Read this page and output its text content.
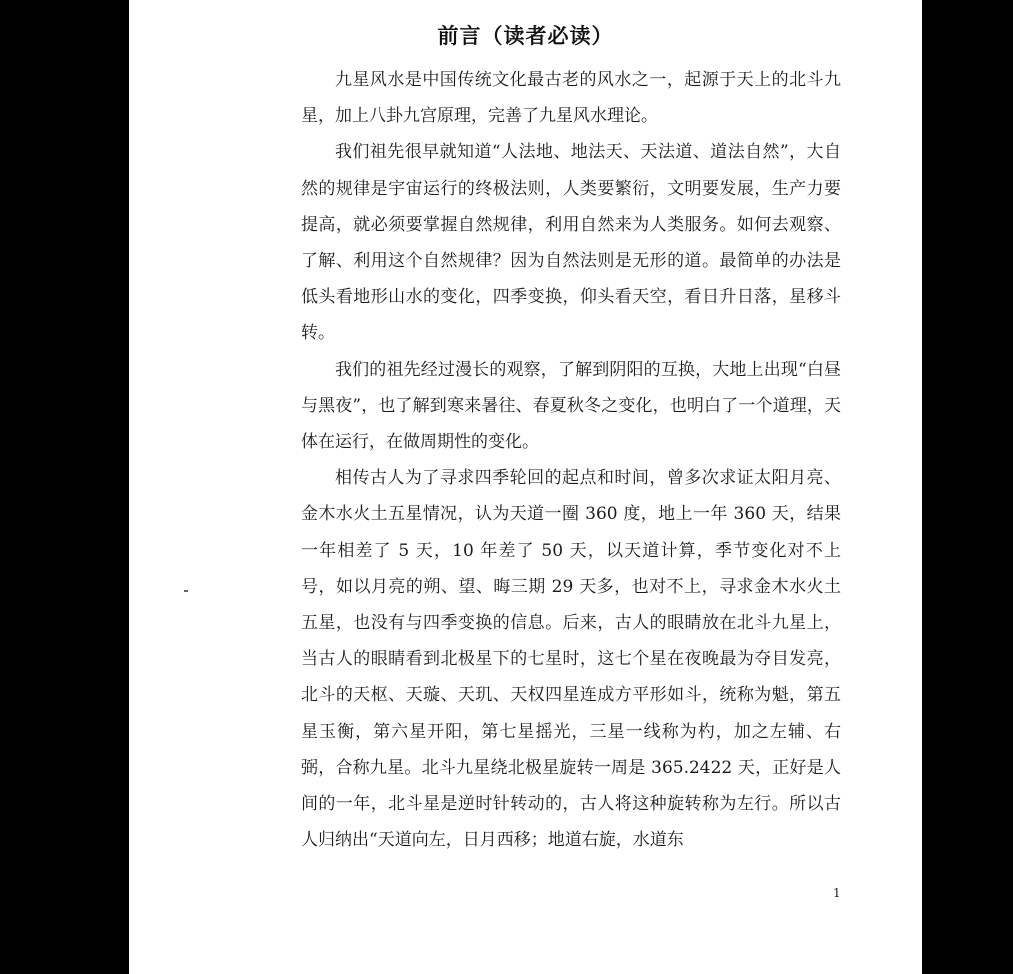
前言（读者必读）

九星风水是中国传统文化最古老的风水之一，起源于天上的北斗九星，加上八卦九宫原理，完善了九星风水理论。

我们祖先很早就知道“人法地、地法天、天法道、道法自然”，大自然的规律是宇宙运行的终极法则，人类要繁衍，文明要发展，生产力要提高，就必须要掌握自然规律，利用自然来为人类服务。如何去观察、了解、利用这个自然规律？因为自然法则是无形的道。最简单的办法是低头看地形山水的变化，四季变换，仰头看天空，看日升日落，星移斗转。

我们的祖先经过漫长的观察，了解到阴阳的互换，大地上出现“白昼与黑夜”，也了解到寒来暑往、春夏秋冬之变化，也明白了一个道理，天体在运行，在做周期性的变化。

相传古人为了寻求四季轮回的起点和时间，曾多次求证太阳月亮、金木水火土五星情况，认为天道一圈 360 度，地上一年 360 天，结果一年相差了 5 天，10 年差了 50 天，以天道计算，季节变化对不上号，如以月亮的朔、望、晦三期 29 天多，也对不上，寻求金木水火土五星，也没有与四季变换的信息。后来，古人的眼睛放在北斗九星上，当古人的眼睛看到北极星下的七星时，这七个星在夜晚最为夺目发亮，北斗的天枢、天璇、天玑、天权四星连成方平形如斗，统称为魁，第五星玉衡，第六星开阳，第七星摇光，三星一线称为杓，加之左辅、右弼，合称九星。北斗九星绕北极星旋转一周是 365.2422 天，正好是人间的一年，北斗星是逆时针转动的，古人将这种旋转称为左行。所以古人归纳出“天道向左，日月西移；地道右旋，水道东

1
